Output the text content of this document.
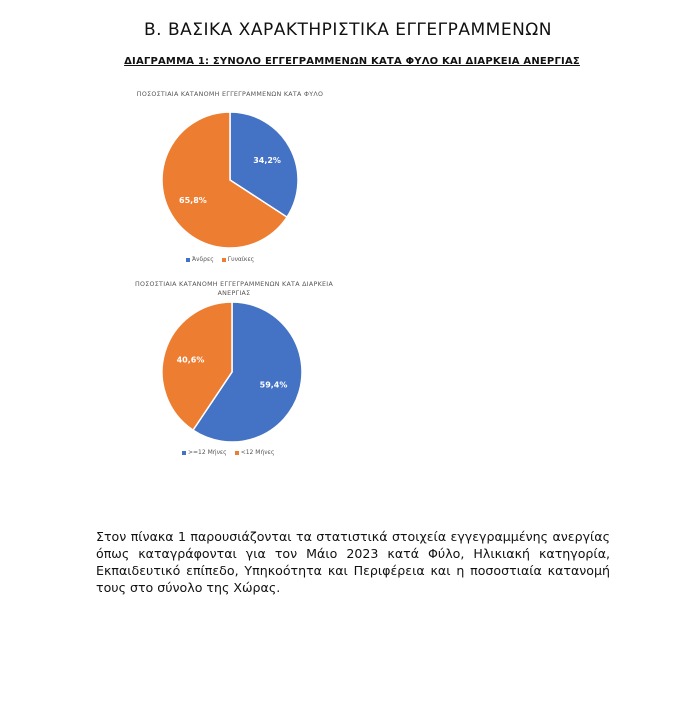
Β. ΒΑΣΙΚΑ ΧΑΡΑΚΤΗΡΙΣΤΙΚΑ ΕΓΓΕΓΡΑΜΜΕΝΩΝ
ΔΙΑΓΡΑΜΜΑ 1: ΣΥΝΟΛΟ ΕΓΓΕΓΡΑΜΜΕΝΩΝ ΚΑΤΑ ΦΥΛΟ ΚΑΙ ΔΙΑΡΚΕΙΑ ΑΝΕΡΓΙΑΣ
ΠΟΣΟΣΤΙΑΙΑ ΚΑΤΑΝΟΜΗ ΕΓΓΕΓΡΑΜΜΕΝΩΝ ΚΑΤΑ ΦΥΛΟ
34,2%
65,8%
Άνδρες Γυναίκες
ΠΟΣΟΣΤΙΑΙΑ ΚΑΤΑΝΟΜΗ ΕΓΓΕΓΡΑΜΜΕΝΩΝ ΚΑΤΑ ΔΙΑΡΚΕΙΑ
ΑΝΕΡΓΙΑΣ
59,4%
40,6%
>=12 Μήνες <12 Μήνες
Στον πίνακα 1 παρουσιάζονται τα στατιστικά στοιχεία εγγεγραμμένης ανεργίας
όπως καταγράφονται για τον Μάιο 2023 κατά Φύλο, Ηλικιακή κατηγορία,
Εκπαιδευτικό επίπεδο, Υπηκοότητα και Περιφέρεια και η ποσοστιαία κατανομή
τους στο σύνολο της Χώρας.
